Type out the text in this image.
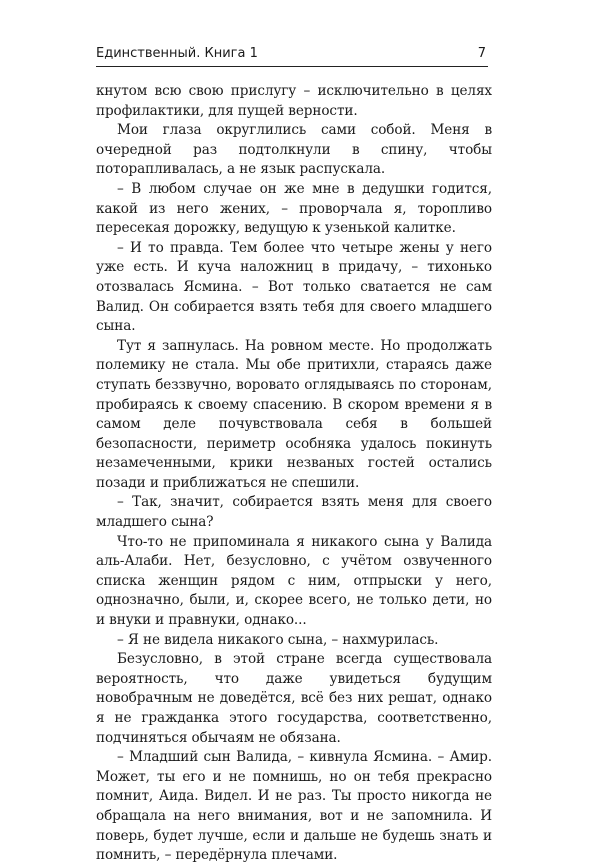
Единственный. Книга 1	7

кнутом всю свою прислугу – исключительно в целях профилактики, для пущей верности.

Мои глаза округлились сами собой. Меня в очередной раз подтолкнули в спину, чтобы поторапливалась, а не язык распускала.

– В любом случае он же мне в дедушки годится, какой из него жених, – проворчала я, торопливо пересекая дорожку, ведущую к узенькой калитке.

– И то правда. Тем более что четыре жены у него уже есть. И куча наложниц в придачу, – тихонько отозвалась Ясмина. – Вот только сватается не сам Валид. Он собирается взять тебя для своего младшего сына.

Тут я запнулась. На ровном месте. Но продолжать полемику не стала. Мы обе притихли, стараясь даже ступать беззвучно, воровато оглядываясь по сторонам, пробираясь к своему спасению. В скором времени я в самом деле почувствовала себя в большей безопасности, периметр особняка удалось покинуть незамеченными, крики незваных гостей остались позади и приближаться не спешили.

– Так, значит, собирается взять меня для своего младшего сына?

Что-то не припоминала я никакого сына у Валида аль-Алаби. Нет, безусловно, с учётом озвученного списка женщин рядом с ним, отпрыски у него, однозначно, были, и, скорее всего, не только дети, но и внуки и правнуки, однако...

– Я не видела никакого сына, – нахмурилась.

Безусловно, в этой стране всегда существовала вероятность, что даже увидеться будущим новобрачным не доведётся, всё без них решат, однако я не гражданка этого государства, соответственно, подчиняться обычаям не обязана.

– Младший сын Валида, – кивнула Ясмина. – Амир. Может, ты его и не помнишь, но он тебя прекрасно помнит, Аида. Видел. И не раз. Ты просто никогда не обращала на него внимания, вот и не запомнила. И поверь, будет лучше, если и дальше не будешь знать и помнить, – передёрнула плечами.
